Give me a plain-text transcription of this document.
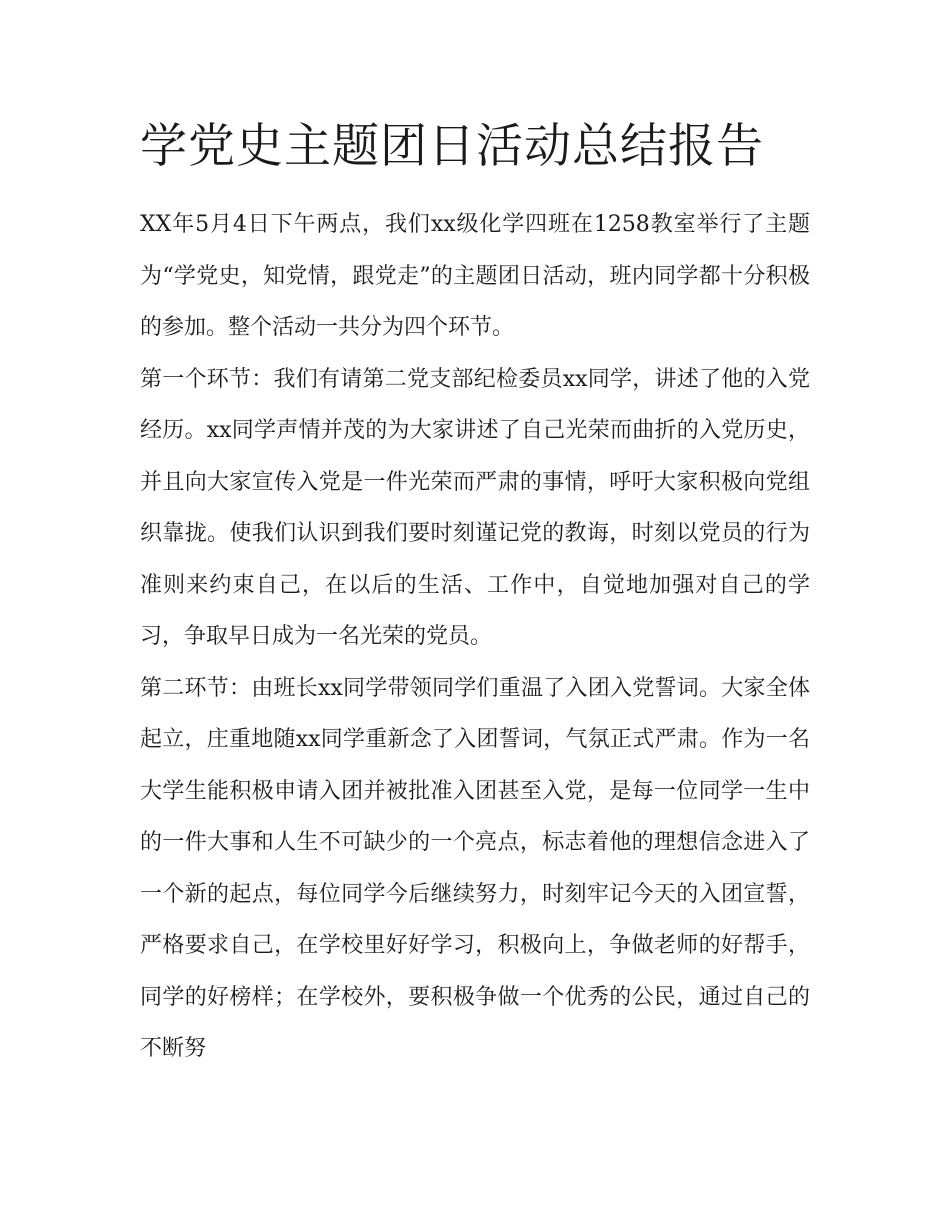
学党史主题团日活动总结报告

XX年5月4日下午两点，我们xx级化学四班在1258教室举行了主题为“学党史，知党情，跟党走”的主题团日活动，班内同学都十分积极的参加。整个活动一共分为四个环节。

第一个环节：我们有请第二党支部纪检委员xx同学，讲述了他的入党经历。xx同学声情并茂的为大家讲述了自己光荣而曲折的入党历史，并且向大家宣传入党是一件光荣而严肃的事情，呼吁大家积极向党组织靠拢。使我们认识到我们要时刻谨记党的教诲，时刻以党员的行为准则来约束自己，在以后的生活、工作中，自觉地加强对自己的学习，争取早日成为一名光荣的党员。

第二环节：由班长xx同学带领同学们重温了入团入党誓词。大家全体起立，庄重地随xx同学重新念了入团誓词，气氛正式严肃。作为一名大学生能积极申请入团并被批准入团甚至入党，是每一位同学一生中的一件大事和人生不可缺少的一个亮点，标志着他的理想信念进入了一个新的起点，每位同学今后继续努力，时刻牢记今天的入团宣誓，严格要求自己，在学校里好好学习，积极向上，争做老师的好帮手，同学的好榜样；在学校外，要积极争做一个优秀的公民，通过自己的不断努
